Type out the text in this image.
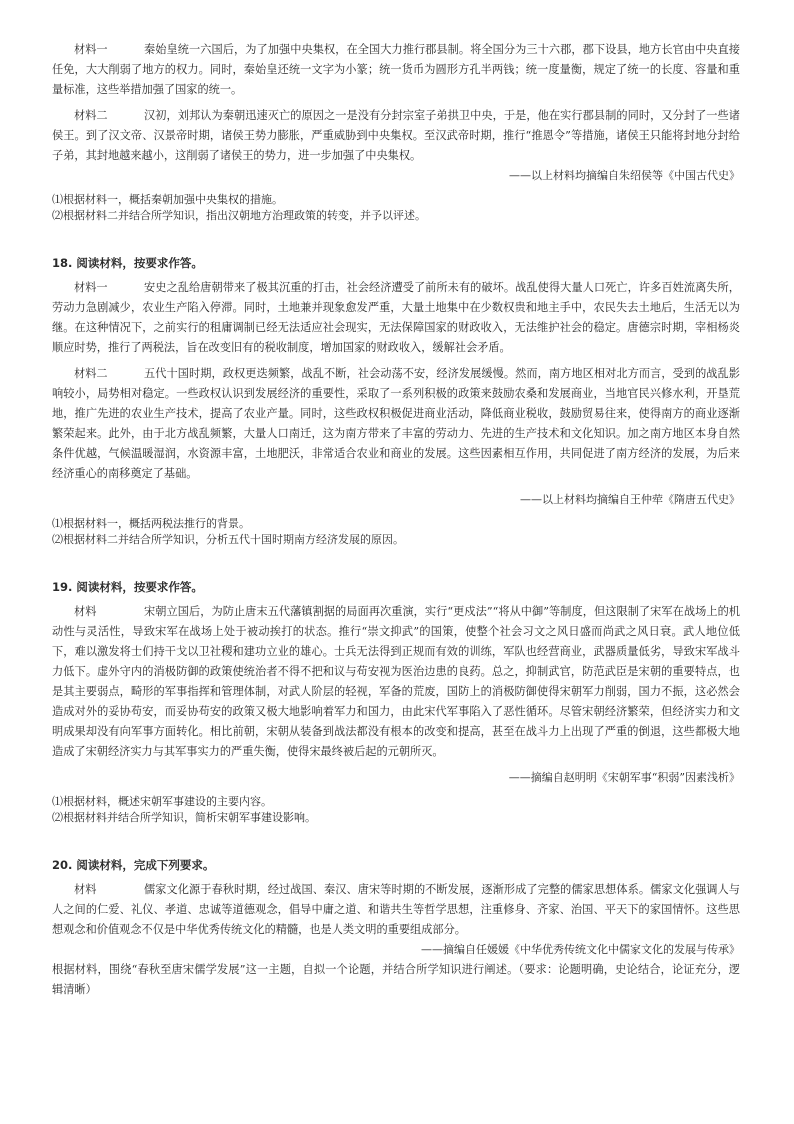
材料一	秦始皇统一六国后，为了加强中央集权，在全国大力推行郡县制。将全国分为三十六郡，郡下设县，地方长官由中央直接任免，大大削弱了地方的权力。同时，秦始皇还统一文字为小篆；统一货币为圆形方孔半两钱；统一度量衡，规定了统一的长度、容量和重量标准，这些举措加强了国家的统一。

材料二	汉初，刘邦认为秦朝迅速灭亡的原因之一是没有分封宗室子弟拱卫中央，于是，他在实行郡县制的同时，又分封了一些诸侯王。到了汉文帝、汉景帝时期，诸侯王势力膨胀，严重威胁到中央集权。至汉武帝时期，推行“推恩令”等措施，诸侯王只能将封地分封给子弟，其封地越来越小，这削弱了诸侯王的势力，进一步加强了中央集权。

——以上材料均摘编自朱绍侯等《中国古代史》

⑴根据材料一，概括秦朝加强中央集权的措施。

⑵根据材料二并结合所学知识，指出汉朝地方治理政策的转变，并予以评述。

18. 阅读材料，按要求作答。

材料一	安史之乱给唐朝带来了极其沉重的打击，社会经济遭受了前所未有的破坏。战乱使得大量人口死亡，许多百姓流离失所，劳动力急剧减少，农业生产陷入停滞。同时，土地兼并现象愈发严重，大量土地集中在少数权贵和地主手中，农民失去土地后，生活无以为继。在这种情况下，之前实行的租庸调制已经无法适应社会现实，无法保障国家的财政收入，无法维护社会的稳定。唐德宗时期，宰相杨炎顺应时势，推行了两税法，旨在改变旧有的税收制度，增加国家的财政收入，缓解社会矛盾。

材料二	五代十国时期，政权更迭频繁，战乱不断，社会动荡不安，经济发展缓慢。然而，南方地区相对北方而言，受到的战乱影响较小，局势相对稳定。一些政权认识到发展经济的重要性，采取了一系列积极的政策来鼓励农桑和发展商业，当地官民兴修水利，开垦荒地，推广先进的农业生产技术，提高了农业产量。同时，这些政权积极促进商业活动，降低商业税收，鼓励贸易往来，使得南方的商业逐渐繁荣起来。此外，由于北方战乱频繁，大量人口南迁，这为南方带来了丰富的劳动力、先进的生产技术和文化知识。加之南方地区本身自然条件优越，气候温暖湿润，水资源丰富，土地肥沃，非常适合农业和商业的发展。这些因素相互作用，共同促进了南方经济的发展，为后来经济重心的南移奠定了基础。

——以上材料均摘编自王仲荦《隋唐五代史》

⑴根据材料一，概括两税法推行的背景。

⑵根据材料二并结合所学知识，分析五代十国时期南方经济发展的原因。

19. 阅读材料，按要求作答。

材料	宋朝立国后，为防止唐末五代藩镇割据的局面再次重演，实行“更戍法”“将从中御”等制度，但这限制了宋军在战场上的机动性与灵活性，导致宋军在战场上处于被动挨打的状态。推行“崇文抑武”的国策，使整个社会习文之风日盛而尚武之风日衰。武人地位低下，难以激发将士们持干戈以卫社稷和建功立业的雄心。士兵无法得到正规而有效的训练，军队也经营商业，武器质量低劣，导致宋军战斗力低下。虚外守内的消极防御的政策使统治者不得不把和议与苟安视为医治边患的良药。总之，抑制武官，防范武臣是宋朝的重要特点，也是其主要弱点，畸形的军事指挥和管理体制，对武人阶层的轻视，军备的荒废，国防上的消极防御使得宋朝军力削弱，国力不振，这必然会造成对外的妥协苟安，而妥协苟安的政策又极大地影响着军力和国力，由此宋代军事陷入了恶性循环。尽管宋朝经济繁荣，但经济实力和文明成果却没有向军事方面转化。相比前朝，宋朝从装备到战法都没有根本的改变和提高，甚至在战斗力上出现了严重的倒退，这些都极大地造成了宋朝经济实力与其军事实力的严重失衡，使得宋最终被后起的元朝所灭。

——摘编自赵明明《宋朝军事“积弱”因素浅析》

⑴根据材料，概述宋朝军事建设的主要内容。

⑵根据材料并结合所学知识，简析宋朝军事建设影响。

20. 阅读材料，完成下列要求。

材料	儒家文化源于春秋时期，经过战国、秦汉、唐宋等时期的不断发展，逐渐形成了完整的儒家思想体系。儒家文化强调人与人之间的仁爱、礼仪、孝道、忠诚等道德观念，倡导中庸之道、和谐共生等哲学思想，注重修身、齐家、治国、平天下的家国情怀。这些思想观念和价值观念不仅是中华优秀传统文化的精髓，也是人类文明的重要组成部分。

——摘编自任媛媛《中华优秀传统文化中儒家文化的发展与传承》

根据材料，围绕“春秋至唐宋儒学发展”这一主题，自拟一个论题，并结合所学知识进行阐述。（要求：论题明确，史论结合，论证充分，逻辑清晰）
